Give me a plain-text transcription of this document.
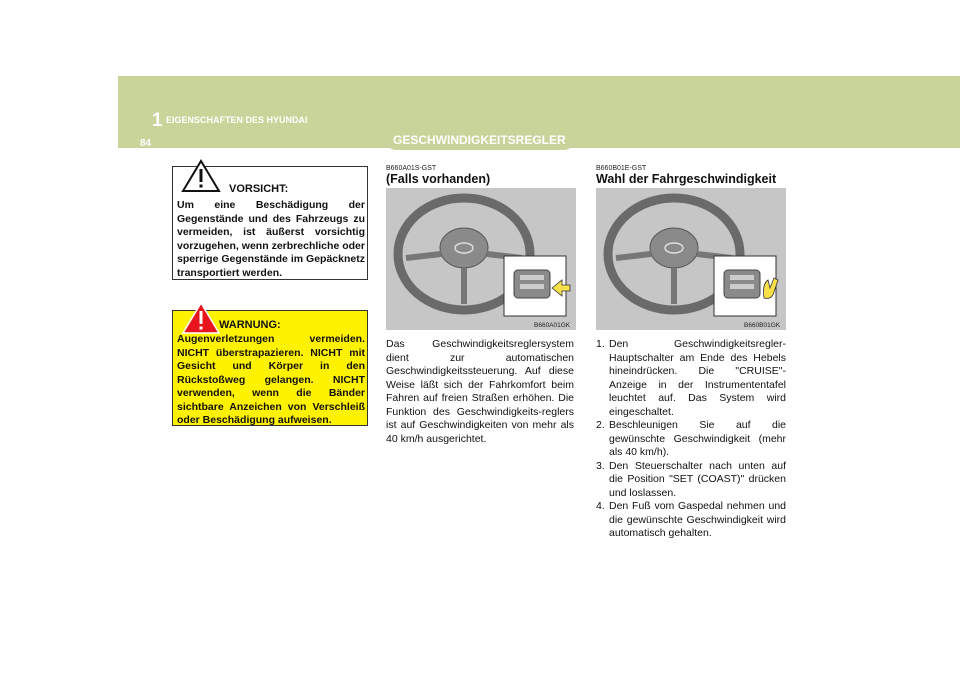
1 EIGENSCHAFTEN DES HYUNDAI
84	GESCHWINDIGKEITSREGLER
VORSICHT:
Um eine Beschädigung der Gegenstände und des Fahrzeugs zu vermeiden, ist äußerst vorsichtig vorzugehen, wenn zerbrechliche oder sperrige Gegenstände im Gepäcknetz transportiert werden.
WARNUNG:
Augenverletzungen vermeiden. NICHT überstrapazieren. NICHT mit Gesicht und Körper in den Rückstoßweg gelangen. NICHT verwenden, wenn die Bänder sichtbare Anzeichen von Verschleiß oder Beschädigung aufweisen.
B660A01S-GST
(Falls vorhanden)
B660A01GK
Das Geschwindigkeitsreglersystem dient zur automatischen Geschwindigkeitssteuerung. Auf diese Weise läßt sich der Fahrkomfort beim Fahren auf freien Straßen erhöhen. Die Funktion des Geschwindigkeits-reglers ist auf Geschwindigkeiten von mehr als 40 km/h ausgerichtet.
B660B01E-GST
Wahl der Fahrgeschwindigkeit
B660B01GK
1. Den Geschwindigkeitsregler-Hauptschalter am Ende des Hebels hineindrücken. Die "CRUISE"-Anzeige in der Instrumententafel leuchtet auf. Das System wird eingeschaltet.
2. Beschleunigen Sie auf die gewünschte Geschwindigkeit (mehr als 40 km/h).
3. Den Steuerschalter nach unten auf die Position "SET (COAST)" drücken und loslassen.
4. Den Fuß vom Gaspedal nehmen und die gewünschte Geschwindigkeit wird automatisch gehalten.
